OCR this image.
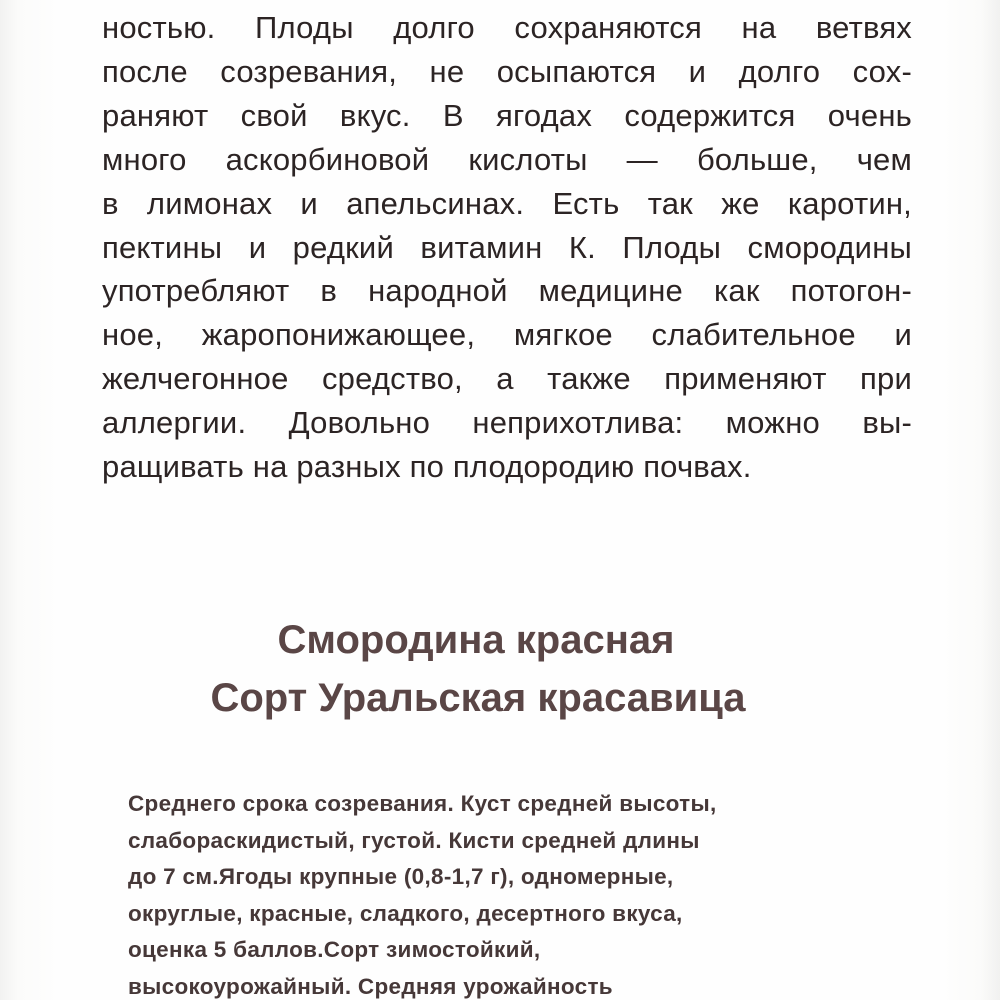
ностью. Плоды долго сохраняются на ветвях
после созревания, не осыпаются и долго сох-
раняют свой вкус. В ягодах содержится очень
много аскорбиновой кислоты — больше, чем
в лимонах и апельсинах. Есть так же каротин,
пектины и редкий витамин К. Плоды смородины
употребляют в народной медицине как потогон-
ное, жаропонижающее, мягкое слабительное и
желчегонное средство, а также применяют при
аллергии. Довольно неприхотлива: можно вы-
ращивать на разных по плодородию почвах.
Смородина красная
Сорт Уральская красавица
Среднего срока созревания. Куст средней высоты,
слабораскидистый, густой. Кисти средней длины
до 7 см.Ягоды крупные (0,8-1,7 г), одномерные,
округлые, красные, сладкого, десертного вкуса,
оценка 5 баллов.Сорт зимостойкий,
высокоурожайный. Средняя урожайность
